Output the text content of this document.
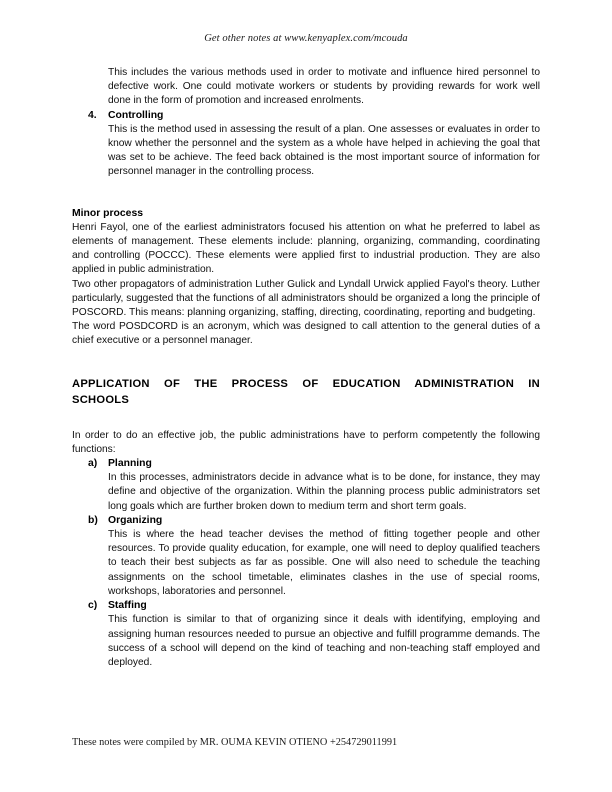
Get other notes at www.kenyaplex.com/mcouda

This includes the various methods used in order to motivate and influence hired personnel to defective work. One could motivate workers or students by providing rewards for work well done in the form of promotion and increased enrolments.

4. Controlling

This is the method used in assessing the result of a plan. One assesses or evaluates in order to know whether the personnel and the system as a whole have helped in achieving the goal that was set to be achieve. The feed back obtained is the most important source of information for personnel manager in the controlling process.

Minor process

Henri Fayol, one of the earliest administrators focused his attention on what he preferred to label as elements of management. These elements include: planning, organizing, commanding, coordinating and controlling (POCCC). These elements were applied first to industrial production. They are also applied in public administration.

Two other propagators of administration Luther Gulick and Lyndall Urwick applied Fayol's theory. Luther particularly, suggested that the functions of all administrators should be organized a long the principle of POSCORD. This means: planning organizing, staffing, directing, coordinating, reporting and budgeting.

The word POSDCORD is an acronym, which was designed to call attention to the general duties of a chief executive or a personnel manager.

APPLICATION OF THE PROCESS OF EDUCATION ADMINISTRATION IN
SCHOOLS

In order to do an effective job, the public administrations have to perform competently the following functions:

a) Planning

In this processes, administrators decide in advance what is to be done, for instance, they may define and objective of the organization. Within the planning process public administrators set long goals which are further broken down to medium term and short term goals.

b) Organizing

This is where the head teacher devises the method of fitting together people and other resources. To provide quality education, for example, one will need to deploy qualified teachers to teach their best subjects as far as possible. One will also need to schedule the teaching assignments on the school timetable, eliminates clashes in the use of special rooms, workshops, laboratories and personnel.

c) Staffing

This function is similar to that of organizing since it deals with identifying, employing and assigning human resources needed to pursue an objective and fulfill programme demands. The success of a school will depend on the kind of teaching and non-teaching staff employed and deployed.

These notes were compiled by MR. OUMA KEVIN OTIENO +254729011991
